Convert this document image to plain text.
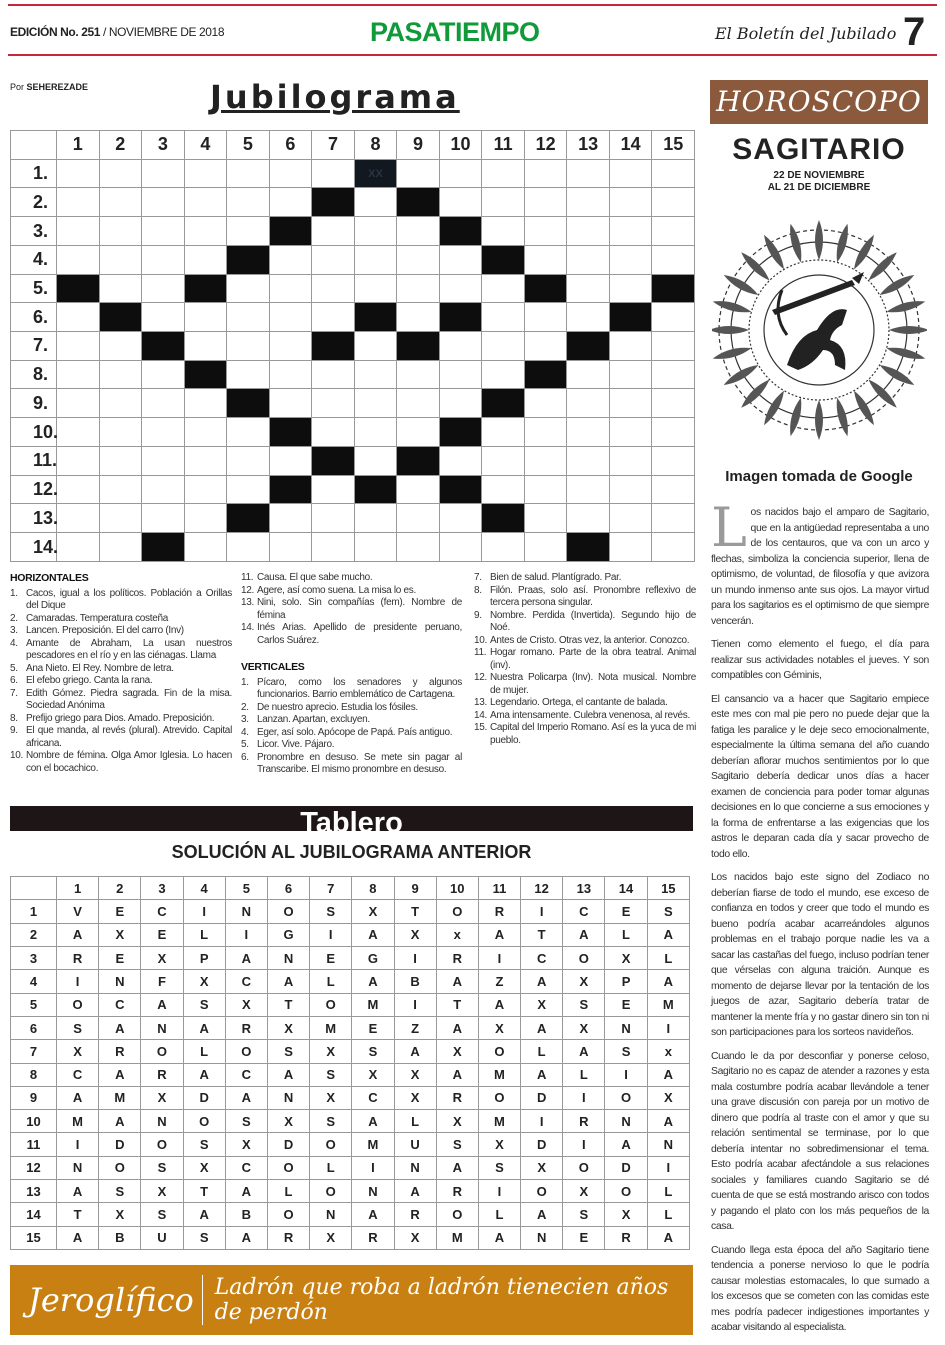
EDICIÓN No. 251 / NOVIEMBRE DE 2018	PASATIEMPO	El Boletín del Jubilado 7
Por SEHEREZADE	Jubilograma
	1	2	3	4	5	6	7	8	9	10	11	12	13	14	15
1.								XX							
2.															
3.															
4.															
5.															
6.															
7.															
8.															
9.															
10.															
11.															
12.															
13.															
14.															
HORIZONTALES
1. Cacos, igual a los políticos. Población a Orillas del Dique
2. Camaradas. Temperatura costeña
3. Lancen. Preposición. El del carro (Inv)
4. Amante de Abraham, La usan nuestros pescadores en el río y en las ciénagas. Llama
5. Ana Nieto. El Rey. Nombre de letra.
6. El efebo griego. Canta la rana.
7. Edith Gómez. Piedra sagrada. Fin de la misa. Sociedad Anónima
8. Prefijo griego para Dios. Amado. Preposición.
9. El que manda, al revés (plural). Atrevido. Capital africana.
10. Nombre de fémina. Olga Amor Iglesia. Lo hacen con el bocachico.
11. Causa. El que sabe mucho.
12. Agere, así como suena. La misa lo es.
13. Nini, solo. Sin compañías (fem). Nombre de fémina
14. Inés Arias. Apellido de presidente peruano, Carlos Suárez.
VERTICALES
1. Pícaro, como los senadores y algunos funcionarios. Barrio emblemático de Cartagena.
2. De nuestro aprecio. Estudia los fósiles.
3. Lanzan. Apartan, excluyen.
4. Eger, así solo. Apócope de Papá. País antiguo.
5. Licor. Vive. Pájaro.
6. Pronombre en desuso. Se mete sin pagar al Transcaribe. El mismo pronombre en desuso.
7. Bien de salud. Plantígrado. Par.
8. Filón. Praas, solo así. Pronombre reflexivo de tercera persona singular.
9. Nombre. Perdida (Invertida). Segundo hijo de Noé.
10. Antes de Cristo. Otras vez, la anterior. Conozco.
11. Hogar romano. Parte de la obra teatral. Animal (inv).
12. Nuestra Policarpa (Inv). Nota musical. Nombre de mujer.
13. Legendario. Ortega, el cantante de balada.
14. Ama intensamente. Culebra venenosa, al revés.
15. Capital del Imperio Romano. Así es la yuca de mi pueblo.
Tablero
SOLUCIÓN AL JUBILOGRAMA ANTERIOR
	1	2	3	4	5	6	7	8	9	10	11	12	13	14	15
1	V	E	C	I	N	O	S	X	T	O	R	I	C	E	S
2	A	X	E	L	I	G	I	A	X	x	A	T	A	L	A
3	R	E	X	P	A	N	E	G	I	R	I	C	O	X	L
4	I	N	F	X	C	A	L	A	B	A	Z	A	X	P	A
5	O	C	A	S	X	T	O	M	I	T	A	X	S	E	M
6	S	A	N	A	R	X	M	E	Z	A	X	A	X	N	I
7	X	R	O	L	O	S	X	S	A	X	O	L	A	S	x
8	C	A	R	A	C	A	S	X	X	A	M	A	L	I	A
9	A	M	X	D	A	N	X	C	X	R	O	D	I	O	X
10	M	A	N	O	S	X	S	A	L	X	M	I	R	N	A
11	I	D	O	S	X	D	O	M	U	S	X	D	I	A	N
12	N	O	S	X	C	O	L	I	N	A	S	X	O	D	I
13	A	S	X	T	A	L	O	N	A	R	I	O	X	O	L
14	T	X	S	A	B	O	N	A	R	O	L	A	S	X	L
15	A	B	U	S	A	R	X	R	X	M	A	N	E	R	A
Jeroglífico Ladrón que roba a ladrón tienecien años de perdón
HOROSCOPO
SAGITARIO
22 DE NOVIEMBRE
AL 21 DE DICIEMBRE
Imagen tomada de Google

Los nacidos bajo el amparo de Sagitario, que en la antigüedad representaba a uno de los centauros, que va con un arco y flechas, simboliza la conciencia superior, llena de optimismo, de voluntad, de filosofía y que avizora un mundo inmenso ante sus ojos. La mayor virtud para los sagitarios es el optimismo de que siempre vencerán.

Tienen como elemento el fuego, el día para realizar sus actividades notables el jueves. Y son compatibles con Géminis,

El cansancio va a hacer que Sagitario empiece este mes con mal pie pero no puede dejar que la fatiga les paralice y le deje seco emocionalmente, especialmente la última semana del año cuando deberían aflorar muchos sentimientos por lo que Sagitario debería dedicar unos días a hacer examen de conciencia para poder tomar algunas decisiones en lo que concierne a sus emociones y la forma de enfrentarse a las exigencias que los astros le deparan cada día y sacar provecho de todo ello.

Los nacidos bajo este signo del Zodiaco no deberían fiarse de todo el mundo, ese exceso de confianza en todos y creer que todo el mundo es bueno podría acabar acarreándoles algunos problemas en el trabajo porque nadie les va a sacar las castañas del fuego, incluso podrían tener que vérselas con alguna traición. Aunque es momento de dejarse llevar por la tentación de los juegos de azar, Sagitario debería tratar de mantener la mente fría y no gastar dinero sin ton ni son participaciones para los sorteos navideños.

Cuando le da por desconfiar y ponerse celoso, Sagitario no es capaz de atender a razones y esta mala costumbre podría acabar llevándole a tener una grave discusión con pareja por un motivo de dinero que podría al traste con el amor y que su relación sentimental se terminase, por lo que debería intentar no sobredimensionar el tema. Esto podría acabar afectándole a sus relaciones sociales y familiares cuando Sagitario se dé cuenta de que se está mostrando arisco con todos y pagando el plato con los más pequeños de la casa.

Cuando llega esta época del año Sagitario tiene tendencia a ponerse nervioso lo que le podría causar molestias estomacales, lo que sumado a los excesos que se cometen con las comidas este mes podría padecer indigestiones importantes y acabar visitando al especialista.
